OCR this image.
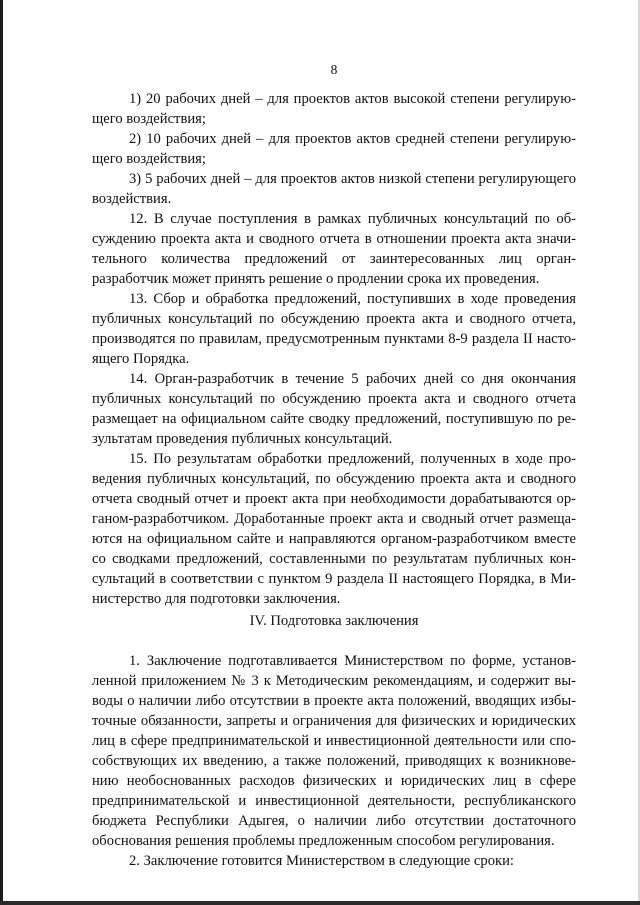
8
1) 20 рабочих дней – для проектов актов высокой степени регулирую-
щего воздействия;
2) 10 рабочих дней – для проектов актов средней степени регулирую-
щего воздействия;
3) 5 рабочих дней – для проектов актов низкой степени регулирующего
воздействия.
12. В случае поступления в рамках публичных консультаций по об-
суждению проекта акта и сводного отчета в отношении проекта акта значи-
тельного количества предложений от заинтересованных лиц орган-
разработчик может принять решение о продлении срока их проведения.
13. Сбор и обработка предложений, поступивших в ходе проведения
публичных консультаций по обсуждению проекта акта и сводного отчета,
производятся по правилам, предусмотренным пунктами 8-9 раздела II насто-
ящего Порядка.
14. Орган-разработчик в течение 5 рабочих дней со дня окончания
публичных консультаций по обсуждению проекта акта и сводного отчета
размещает на официальном сайте сводку предложений, поступившую по ре-
зультатам проведения публичных консультаций.
15. По результатам обработки предложений, полученных в ходе про-
ведения публичных консультаций, по обсуждению проекта акта и сводного
отчета сводный отчет и проект акта при необходимости дорабатываются ор-
ганом-разработчиком. Доработанные проект акта и сводный отчет размеща-
ются на официальном сайте и направляются органом-разработчиком вместе
со сводками предложений, составленными по результатам публичных кон-
сультаций в соответствии с пунктом 9 раздела II настоящего Порядка, в Ми-
нистерство для подготовки заключения.
IV. Подготовка заключения
1. Заключение подготавливается Министерством по форме, установ-
ленной приложением № 3 к Методическим рекомендациям, и содержит вы-
воды о наличии либо отсутствии в проекте акта положений, вводящих избы-
точные обязанности, запреты и ограничения для физических и юридических
лиц в сфере предпринимательской и инвестиционной деятельности или спо-
собствующих их введению, а также положений, приводящих к возникнове-
нию необоснованных расходов физических и юридических лиц в сфере
предпринимательской и инвестиционной деятельности, республиканского
бюджета Республики Адыгея, о наличии либо отсутствии достаточного
обоснования решения проблемы предложенным способом регулирования.
2. Заключение готовится Министерством в следующие сроки:
